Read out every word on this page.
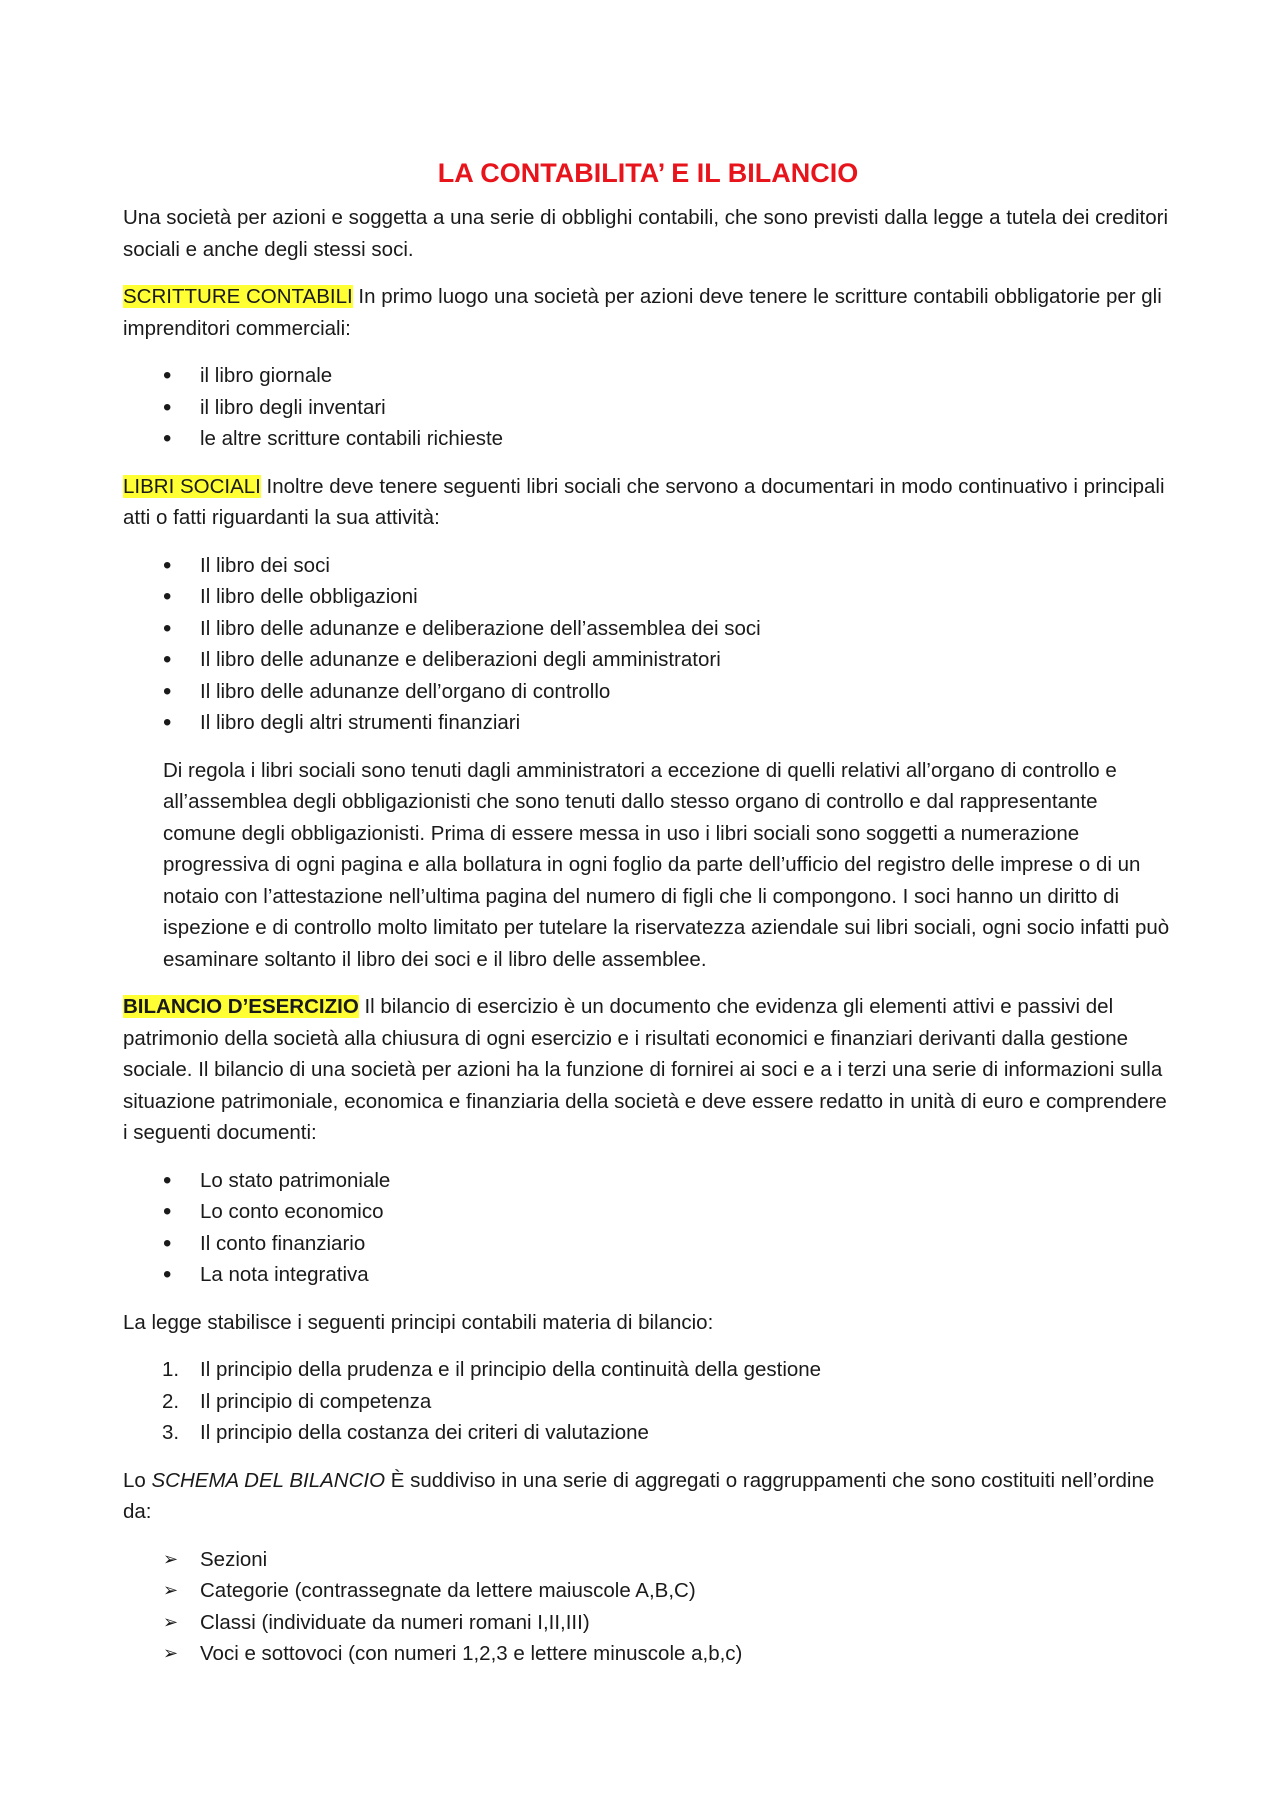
LA CONTABILITA’ E IL BILANCIO

Una società per azioni e soggetta a una serie di obblighi contabili, che sono previsti dalla legge a tutela dei creditori sociali e anche degli stessi soci.

SCRITTURE CONTABILI In primo luogo una società per azioni deve tenere le scritture contabili obbligatorie per gli imprenditori commerciali:

•
il libro giornale
•
il libro degli inventari
•
le altre scritture contabili richieste

LIBRI SOCIALI Inoltre deve tenere seguenti libri sociali che servono a documentari in modo continuativo i principali atti o fatti riguardanti la sua attività:

•
Il libro dei soci
•
Il libro delle obbligazioni
•
Il libro delle adunanze e deliberazione dell’assemblea dei soci
•
Il libro delle adunanze e deliberazioni degli amministratori
•
Il libro delle adunanze dell’organo di controllo
•
Il libro degli altri strumenti finanziari

Di regola i libri sociali sono tenuti dagli amministratori a eccezione di quelli relativi all’organo di controllo e all’assemblea degli obbligazionisti che sono tenuti dallo stesso organo di controllo e dal rappresentante comune degli obbligazionisti. Prima di essere messa in uso i libri sociali sono soggetti a numerazione progressiva di ogni pagina e alla bollatura in ogni foglio da parte dell’ufficio del registro delle imprese o di un notaio con l’attestazione nell’ultima pagina del numero di figli che li compongono. I soci hanno un diritto di ispezione e di controllo molto limitato per tutelare la riservatezza aziendale sui libri sociali, ogni socio infatti può esaminare soltanto il libro dei soci e il libro delle assemblee.

BILANCIO D’ESERCIZIO Il bilancio di esercizio è un documento che evidenza gli elementi attivi e passivi del patrimonio della società alla chiusura di ogni esercizio e i risultati economici e finanziari derivanti dalla gestione sociale. Il bilancio di una società per azioni ha la funzione di fornirei ai soci e a i terzi una serie di informazioni sulla situazione patrimoniale, economica e finanziaria della società e deve essere redatto in unità di euro e comprendere i seguenti documenti:

•
Lo stato patrimoniale
•
Lo conto economico
•
Il conto finanziario
•
La nota integrativa

La legge stabilisce i seguenti principi contabili materia di bilancio:

1.	Il principio della prudenza e il principio della continuità della gestione
2.	Il principio di competenza
3.	Il principio della costanza dei criteri di valutazione

Lo SCHEMA DEL BILANCIO È suddiviso in una serie di aggregati o raggruppamenti che sono costituiti nell’ordine da:

➢	Sezioni
➢	Categorie (contrassegnate da lettere maiuscole A,B,C)
➢	Classi (individuate da numeri romani I,II,III)
➢	Voci e sottovoci (con numeri 1,2,3 e lettere minuscole a,b,c)
